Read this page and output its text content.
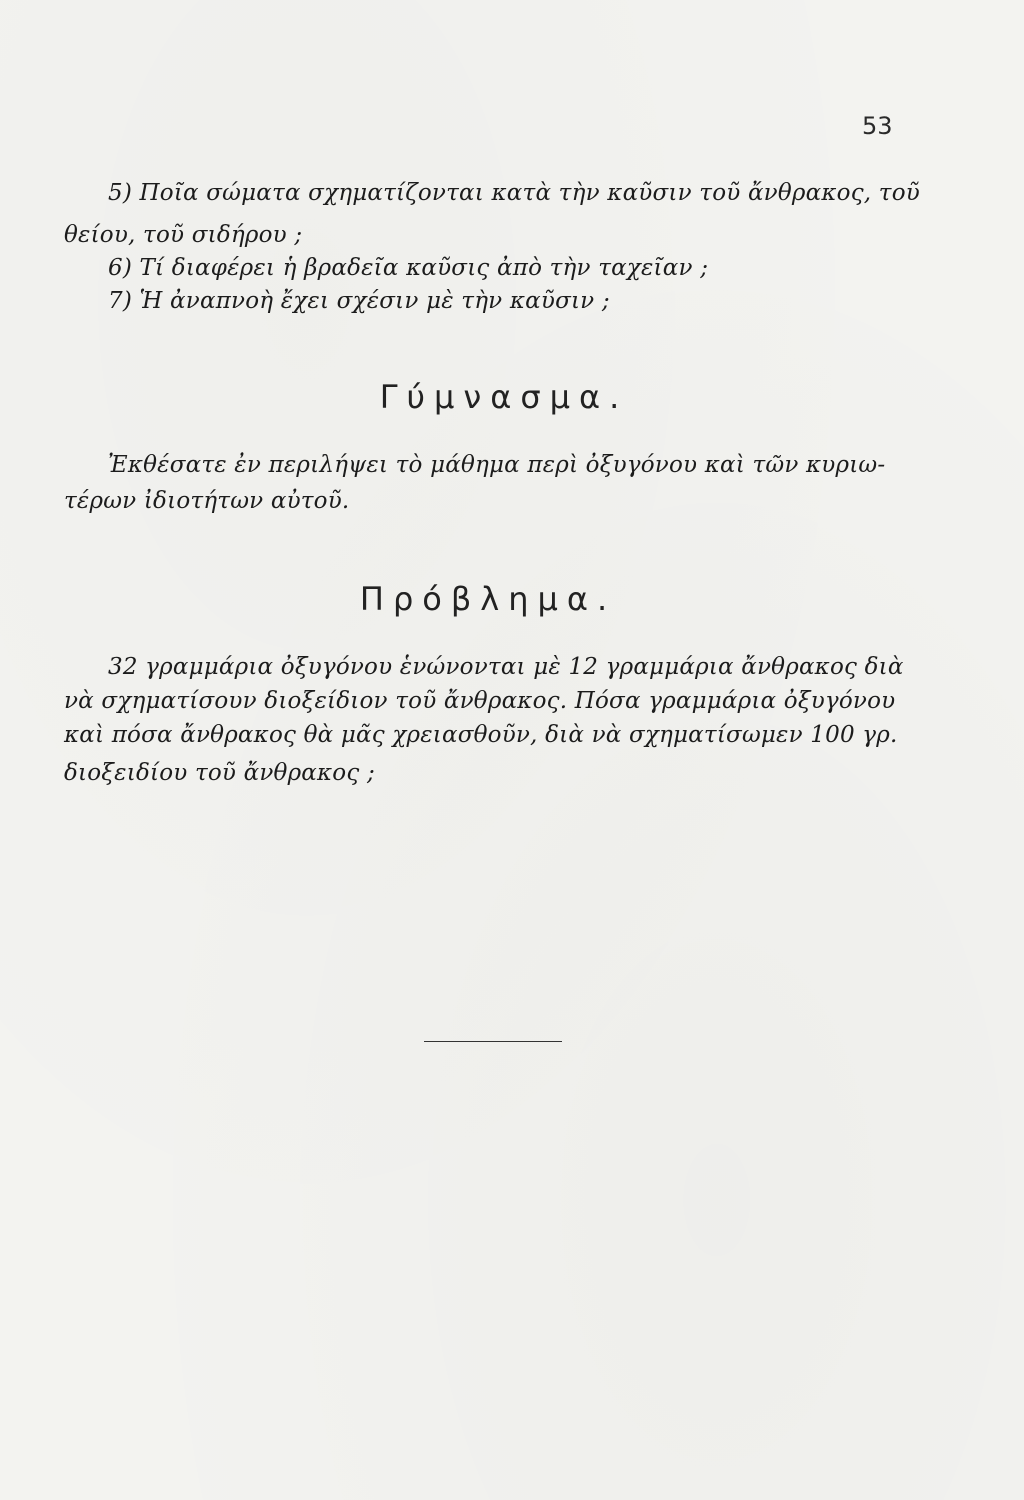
53
5) Ποῖα σώματα σχηματίζονται κατὰ τὴν καῦσιν τοῦ ἄνθρακος, τοῦ
θείου, τοῦ σιδήρου ;
6) Τί διαφέρει ἡ βραδεῖα καῦσις ἀπὸ τὴν ταχεῖαν ;
7) Ἡ ἀναπνοὴ ἔχει σχέσιν μὲ τὴν καῦσιν ;
Γύμνασμα.
Ἐκθέσατε ἐν περιλήψει τὸ μάθημα περὶ ὀξυγόνου καὶ τῶν κυριω-
τέρων ἰδιοτήτων αὐτοῦ.
Πρόβλημα.
32 γραμμάρια ὀξυγόνου ἑνώνονται μὲ 12 γραμμάρια ἄνθρακος διὰ
νὰ σχηματίσουν διοξείδιον τοῦ ἄνθρακος. Πόσα γραμμάρια ὀξυγόνου
καὶ πόσα ἄνθρακος θὰ μᾶς χρειασθοῦν, διὰ νὰ σχηματίσωμεν 100 γρ.
διοξειδίου τοῦ ἄνθρακος ;
